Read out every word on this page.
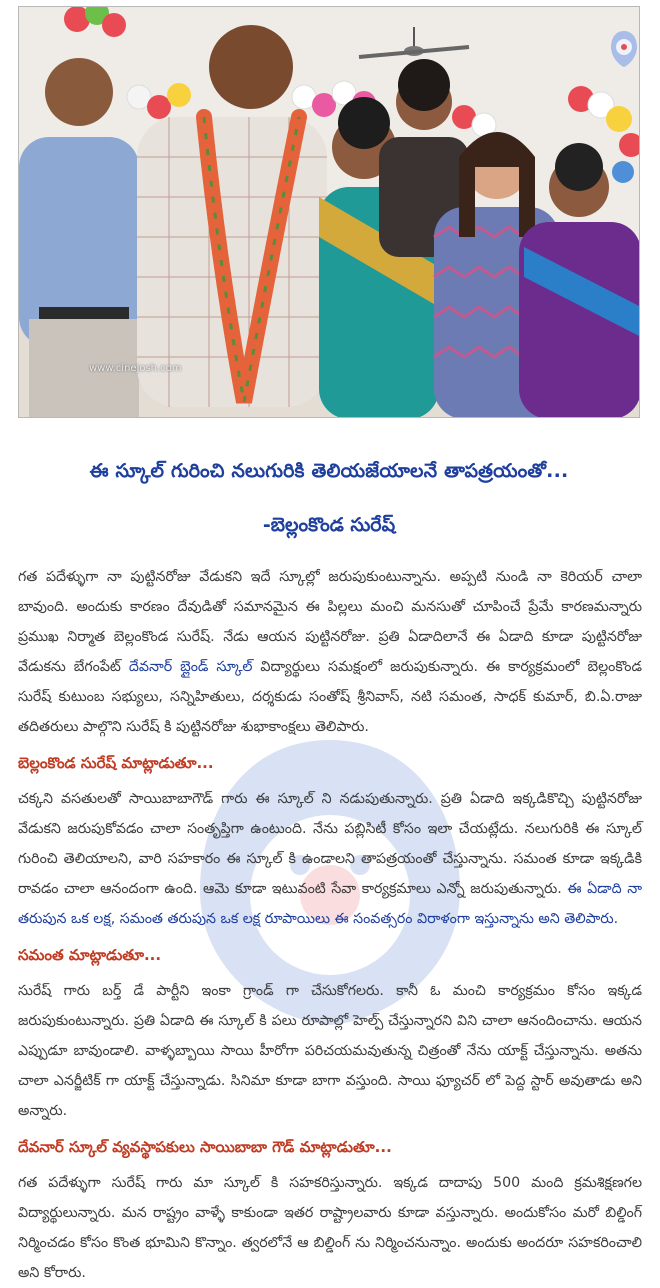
www.cinejosh.com
ఈ స్కూల్ గురించి నలుగురికి తెలియజేయాలనే తాపత్రయంతో...
-బెల్లంకొండ సురేష్

గత పదేళ్ళుగా నా పుట్టినరోజు వేడుకని ఇదే స్కూల్లో జరుపుకుంటున్నాను. అప్పటి నుండి నా కెరియర్ చాలా బావుంది. అందుకు కారణం దేవుడితో సమానమైన ఈ పిల్లలు మంచి మనసుతో చూపించే ప్రేమే కారణమన్నారు ప్రముఖ నిర్మాత బెల్లంకొండ సురేష్. నేడు ఆయన పుట్టినరోజు. ప్రతి ఏడాదిలానే ఈ ఏడాది కూడా పుట్టినరోజు వేడుకను బేగంపేట్ దేవనార్ బ్లైండ్ స్కూల్ విద్యార్థులు సమక్షంలో జరుపుకున్నారు. ఈ కార్యక్రమంలో బెల్లంకొండ సురేష్ కుటుంబ సభ్యులు, సన్నిహితులు, దర్శకుడు సంతోష్ శ్రీనివాస్, నటి సమంత, సాధక్ కుమార్, బి.ఏ.రాజు తదితరులు పాల్గొని సురేష్ కి పుట్టినరోజు శుభాకాంక్షలు తెలిపారు.

బెల్లంకొండ సురేష్ మాట్లాడుతూ...

చక్కని వసతులతో సాయిబాబాగౌడ్ గారు ఈ స్కూల్ ని నడుపుతున్నారు. ప్రతి ఏడాది ఇక్కడికొచ్చి పుట్టినరోజు వేడుకని జరుపుకోవడం చాలా సంతృప్తిగా ఉంటుంది. నేను పబ్లిసిటీ కోసం ఇలా చేయట్లేదు. నలుగురికి ఈ స్కూల్ గురించి తెలియాలని, వారి సహకారం ఈ స్కూల్ కి ఉండాలని తాపత్రయంతో చేస్తున్నాను. సమంత కూడా ఇక్కడికి రావడం చాలా ఆనందంగా ఉంది. ఆమె కూడా ఇటువంటి సేవా కార్యక్రమాలు ఎన్నో జరుపుతున్నారు. ఈ ఏడాది నా తరుపున ఒక లక్ష, సమంత తరుపున ఒక లక్ష రూపాయిలు ఈ సంవత్సరం విరాళంగా ఇస్తున్నాను అని తెలిపారు.

సమంత మాట్లాడుతూ...

సురేష్ గారు బర్త్ డే పార్టీని ఇంకా గ్రాండ్ గా చేసుకోగలరు. కానీ ఓ మంచి కార్యక్రమం కోసం ఇక్కడ జరుపుకుంటున్నారు. ప్రతి ఏడాది ఈ స్కూల్ కి పలు రూపాల్లో హెల్ప్ చేస్తున్నారని విని చాలా ఆనందించాను. ఆయన ఎప్పుడూ బావుండాలి. వాళ్ళబ్బాయి సాయి హీరోగా పరిచయమవుతున్న చిత్రంతో నేను యాక్ట్ చేస్తున్నాను. అతను చాలా ఎనర్జీటిక్ గా యాక్ట్ చేస్తున్నాడు. సినిమా కూడా బాగా వస్తుంది. సాయి ఫ్యూచర్ లో పెద్ద స్టార్ అవుతాడు అని అన్నారు.

దేవనార్ స్కూల్ వ్యవస్థాపకులు సాయిబాబా గౌడ్ మాట్లాడుతూ...

గత పదేళ్ళుగా సురేష్ గారు మా స్కూల్ కి సహకరిస్తున్నారు. ఇక్కడ దాదాపు 500 మంది క్రమశిక్షణగల విద్యార్థులున్నారు. మన రాష్ట్రం వాళ్ళే కాకుండా ఇతర రాష్ట్రాలవారు కూడా వస్తున్నారు. అందుకోసం మరో బిల్డింగ్ నిర్మించడం కోసం కొంత భూమిని కొన్నాం. త్వరలోనే ఆ బిల్డింగ్ ను నిర్మించనున్నాం. అందుకు అందరూ సహకరించాలి అని కోరారు.
